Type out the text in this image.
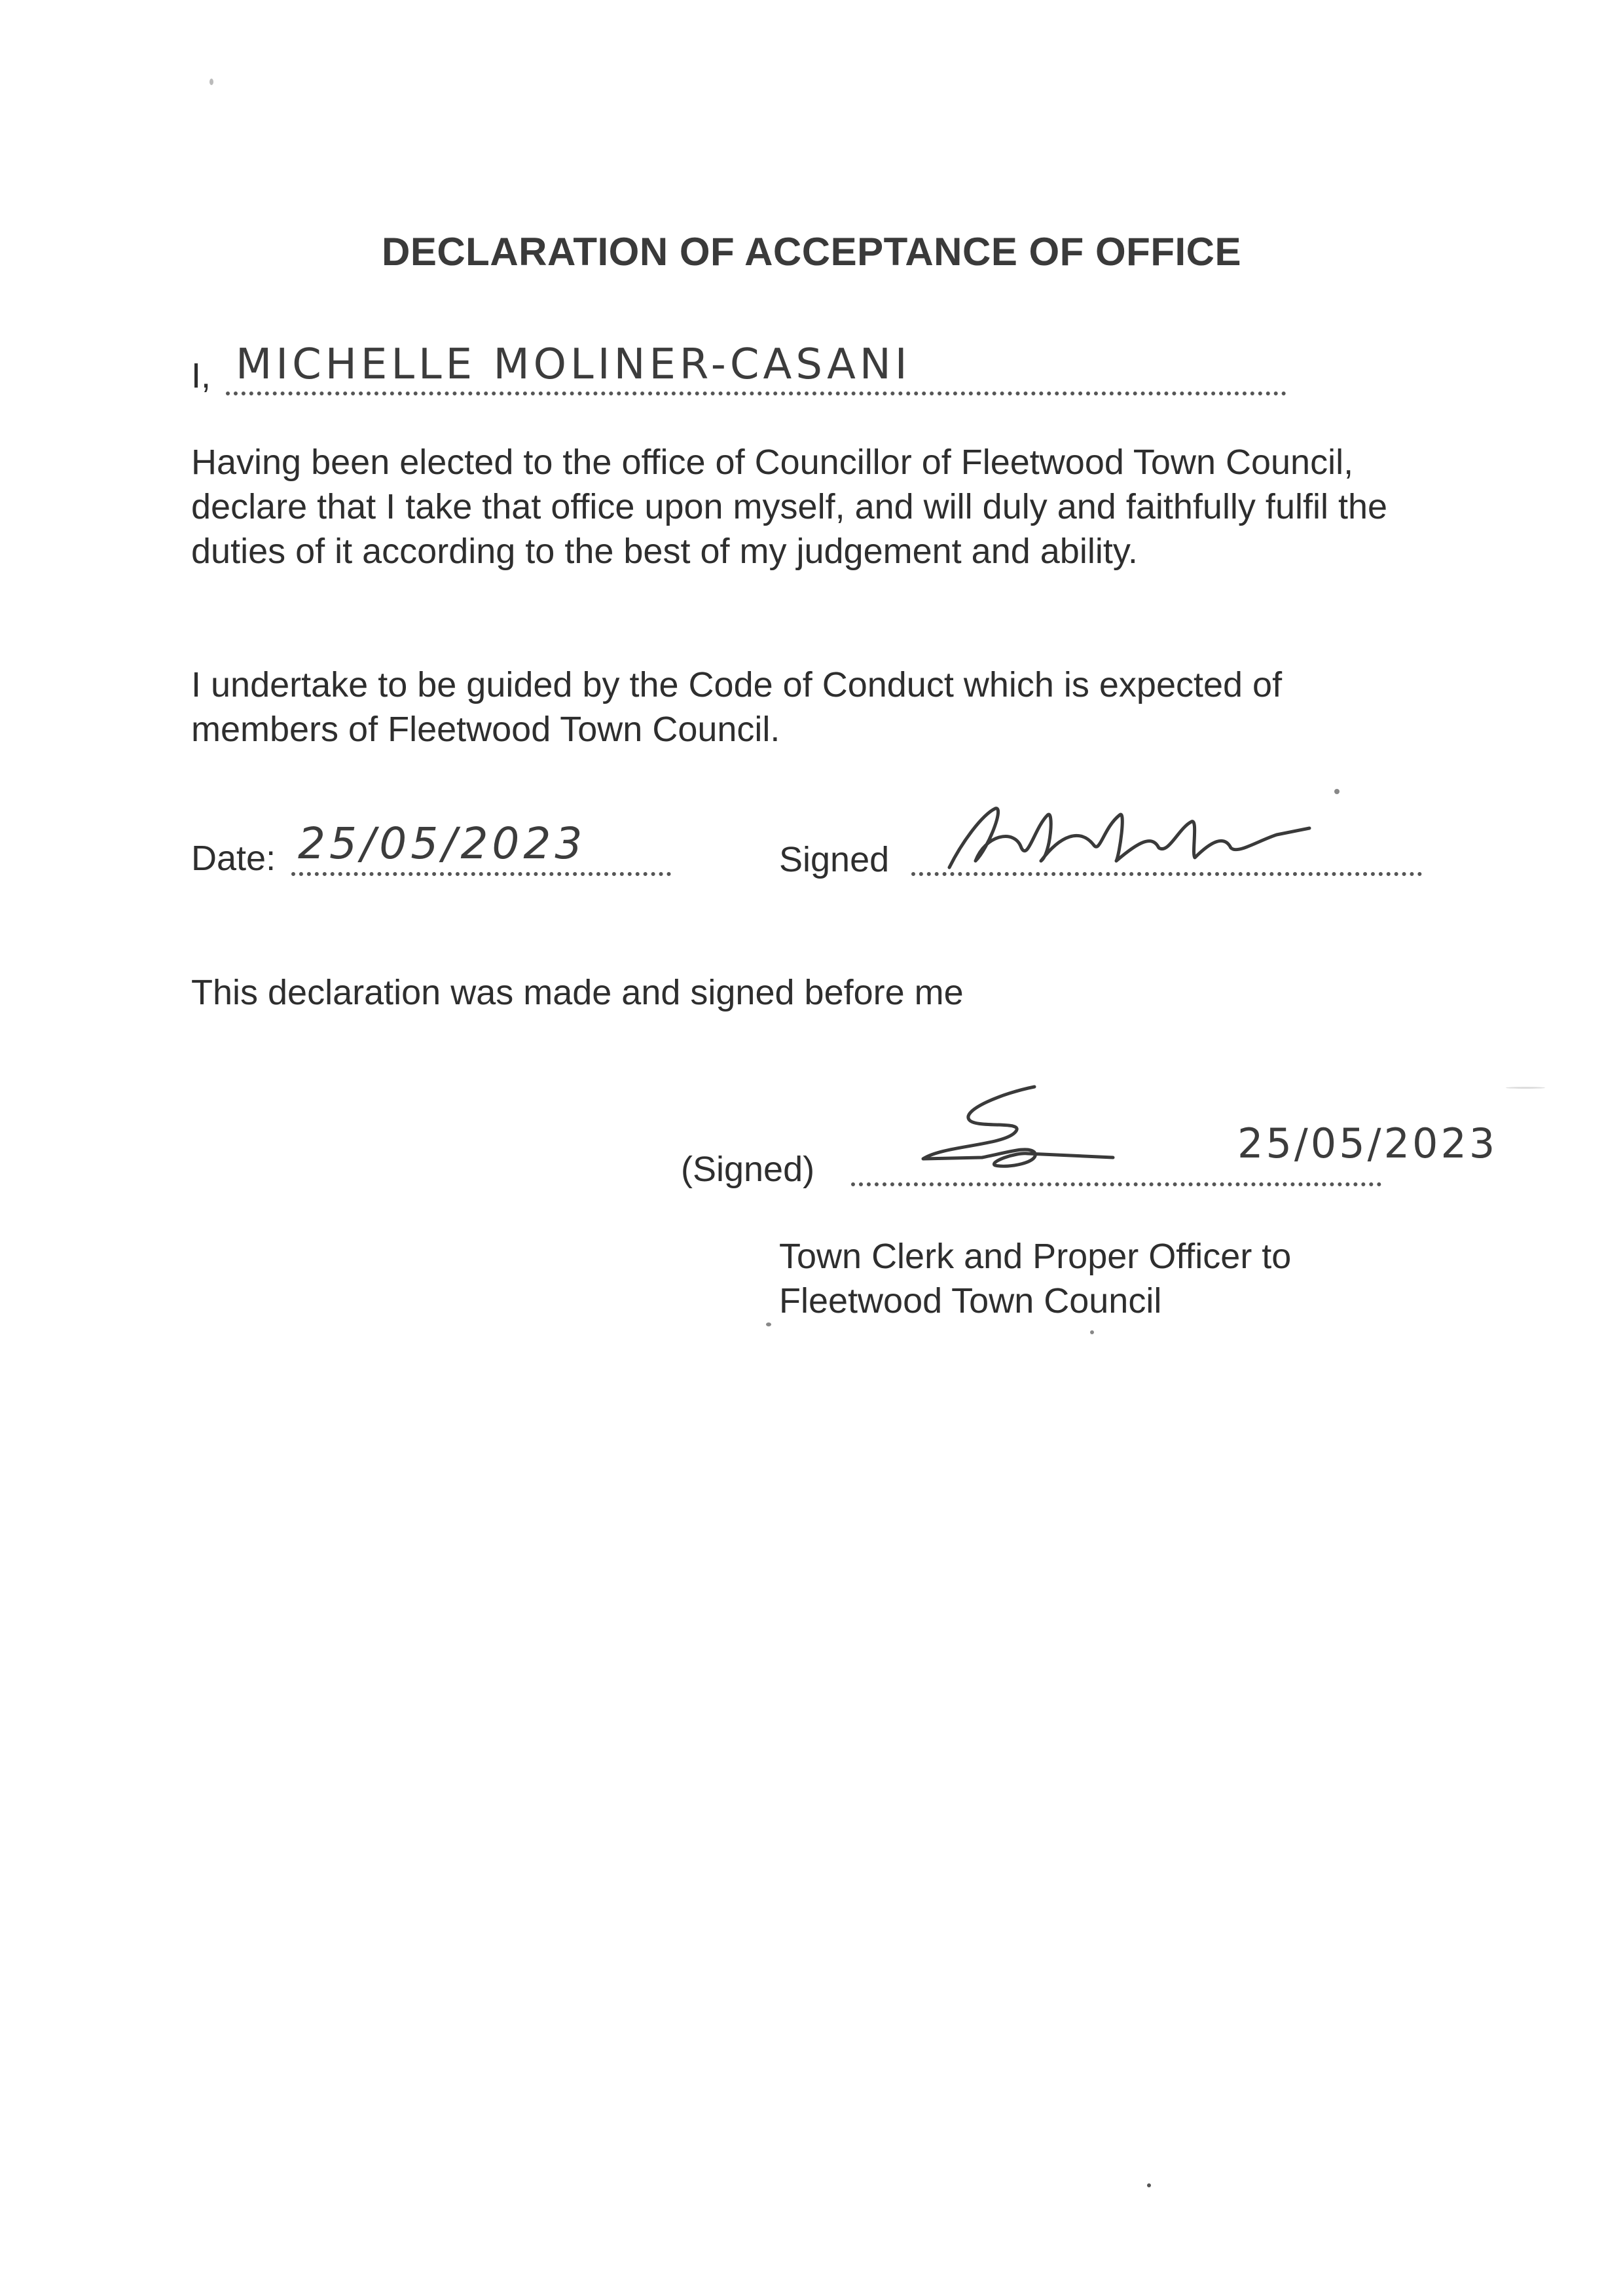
DECLARATION OF ACCEPTANCE OF OFFICE
I, MICHELLE MOLINER-CASANI
Having been elected to the office of Councillor of Fleetwood Town Council, declare that I take that office upon myself, and will duly and faithfully fulfil the duties of it according to the best of my judgement and ability.
I undertake to be guided by the Code of Conduct which is expected of members of Fleetwood Town Council.
Date: 25/05/2023	Signed
This declaration was made and signed before me
(Signed)
25/05/2023
Town Clerk and Proper Officer to
Fleetwood Town Council
